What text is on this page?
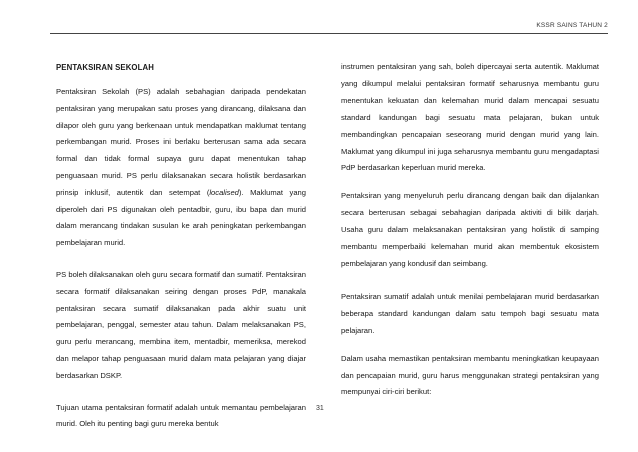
KSSR SAINS TAHUN 2
PENTAKSIRAN SEKOLAH

Pentaksiran Sekolah (PS) adalah sebahagian daripada pendekatan pentaksiran yang merupakan satu proses yang dirancang, dilaksana dan dilapor oleh guru yang berkenaan untuk mendapatkan maklumat tentang perkembangan murid. Proses ini berlaku berterusan sama ada secara formal dan tidak formal supaya guru dapat menentukan tahap penguasaan murid. PS perlu dilaksanakan secara holistik berdasarkan prinsip inklusif, autentik dan setempat (localised). Maklumat yang diperoleh dari PS digunakan oleh pentadbir, guru, ibu bapa dan murid dalam merancang tindakan susulan ke arah peningkatan perkembangan pembelajaran murid.

PS boleh dilaksanakan oleh guru secara formatif dan sumatif. Pentaksiran secara formatif dilaksanakan seiring dengan proses PdP, manakala pentaksiran secara sumatif dilaksanakan pada akhir suatu unit pembelajaran, penggal, semester atau tahun. Dalam melaksanakan PS, guru perlu merancang, membina item, mentadbir, memeriksa, merekod dan melapor tahap penguasaan murid dalam mata pelajaran yang diajar berdasarkan DSKP.

Tujuan utama pentaksiran formatif adalah untuk memantau pembelajaran murid. Oleh itu penting bagi guru mereka bentuk

instrumen pentaksiran yang sah, boleh dipercayai serta autentik. Maklumat yang dikumpul melalui pentaksiran formatif seharusnya membantu guru menentukan kekuatan dan kelemahan murid dalam mencapai sesuatu standard kandungan bagi sesuatu mata pelajaran, bukan untuk membandingkan pencapaian seseorang murid dengan murid yang lain. Maklumat yang dikumpul ini juga seharusnya membantu guru mengadaptasi PdP berdasarkan keperluan murid mereka.

Pentaksiran yang menyeluruh perlu dirancang dengan baik dan dijalankan secara berterusan sebagai sebahagian daripada aktiviti di bilik darjah. Usaha guru dalam melaksanakan pentaksiran yang holistik di samping membantu memperbaiki kelemahan murid akan membentuk ekosistem pembelajaran yang kondusif dan seimbang.

Pentaksiran sumatif adalah untuk menilai pembelajaran murid berdasarkan beberapa standard kandungan dalam satu tempoh bagi sesuatu mata pelajaran.

Dalam usaha memastikan pentaksiran membantu meningkatkan keupayaan dan pencapaian murid, guru harus menggunakan strategi pentaksiran yang mempunyai ciri-ciri berikut:

31
